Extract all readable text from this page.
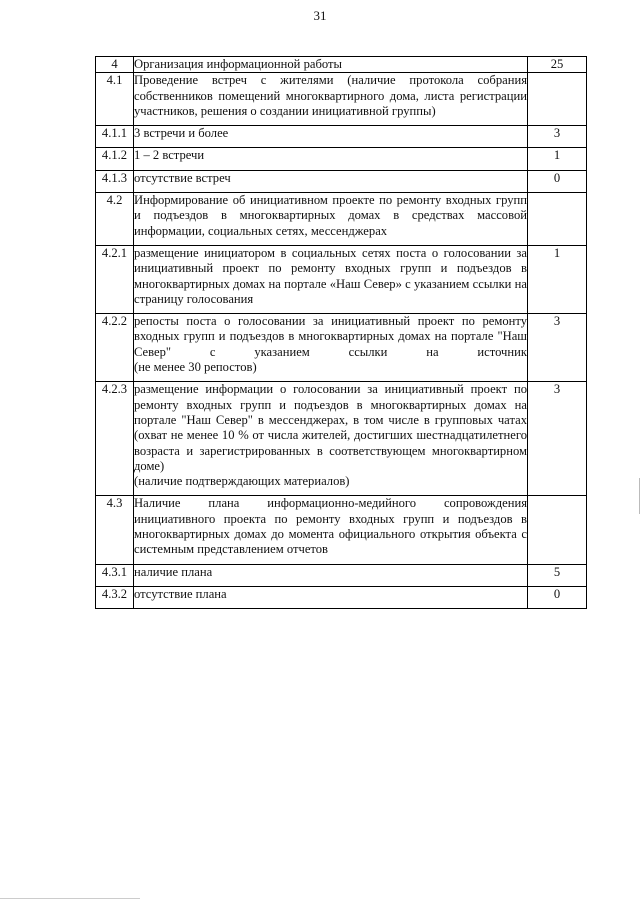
31
4	Организация информационной работы	25
4.1	Проведение встреч с жителями (наличие протокола собрания собственников помещений многоквартирного дома, листа регистрации участников, решения о создании инициативной группы)	

4.1.1	3 встречи и более	3
4.1.2	1 – 2 встречи	1
4.1.3	отсутствие встреч	0
4.2	Информирование об инициативном проекте по ремонту входных групп и подъездов в многоквартирных домах в средствах массовой информации, социальных сетях, мессенджерах	

4.2.1	размещение инициатором в социальных сетях поста о голосовании за инициативный проект по ремонту входных групп и подъездов в многоквартирных домах на портале «Наш Север» с указанием ссылки на страницу голосования	1
4.2.2	репосты поста о голосовании за инициативный проект по ремонту входных групп и подъездов в многоквартирных домах на портале "Наш Север" с указанием ссылки на источник
(не менее 30 репостов)	3
4.2.3	размещение информации о голосовании за инициативный проект по ремонту входных групп и подъездов в многоквартирных домах на портале "Наш Север" в мессенджерах, в том числе в групповых чатах
(охват не менее 10 % от числа жителей, достигших шестнадцатилетнего возраста и зарегистрированных в соответствующем многоквартирном доме)
(наличие подтверждающих материалов)	3
4.3	Наличие плана информационно-медийного сопровождения инициативного проекта по ремонту входных групп и подъездов в многоквартирных домах до момента официального открытия объекта с системным представлением отчетов	

4.3.1	наличие плана	5
4.3.2	отсутствие плана	0
